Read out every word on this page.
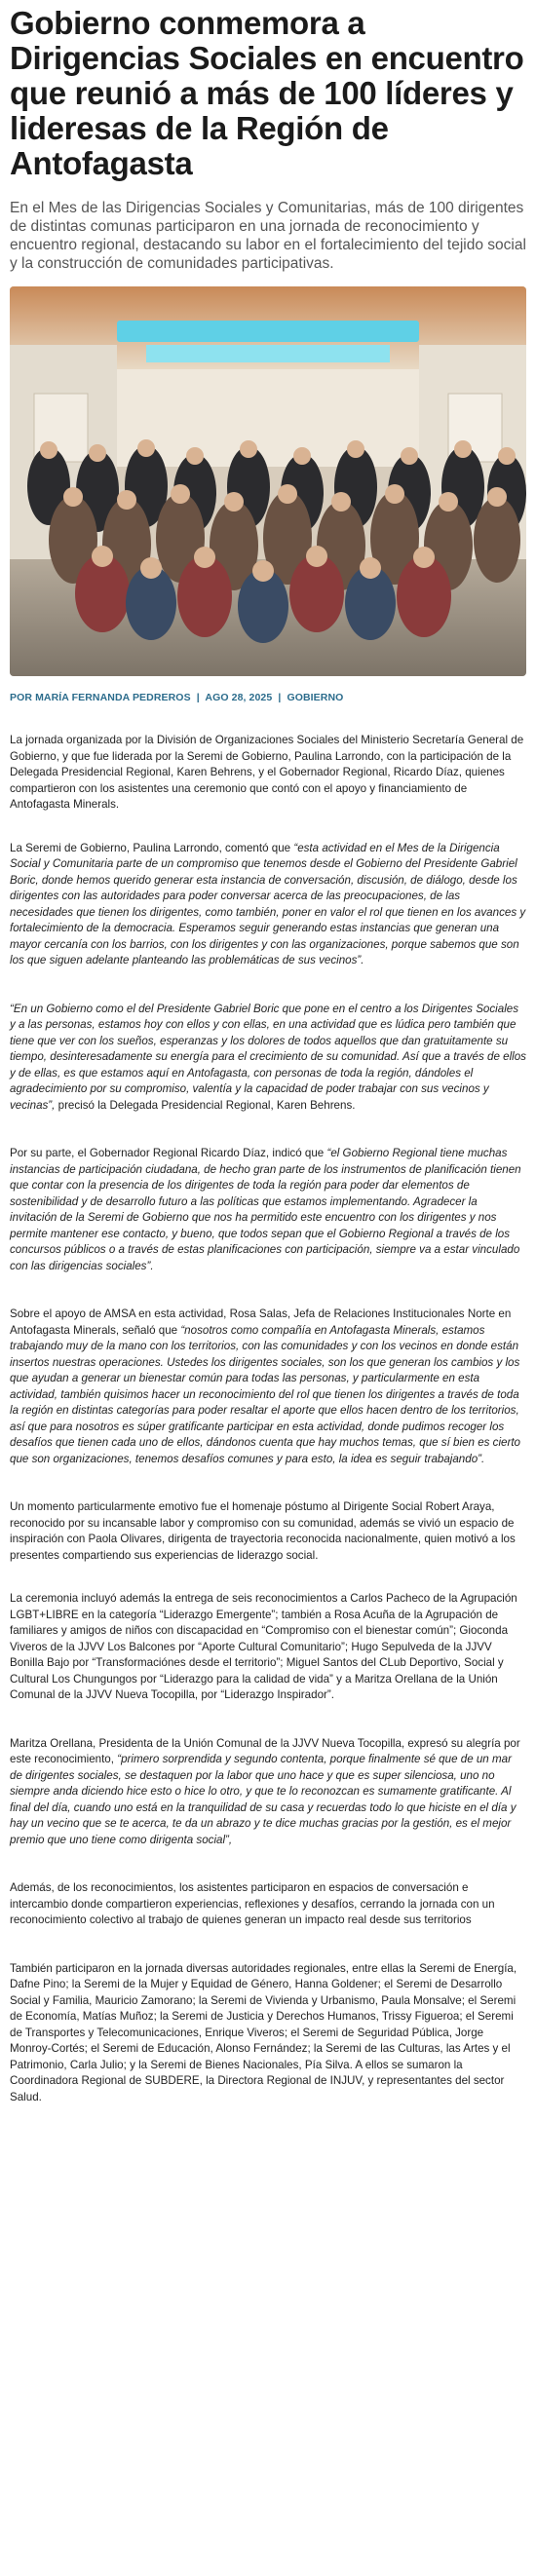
Gobierno conmemora a Dirigencias Sociales en encuentro que reunió a más de 100 líderes y lideresas de la Región de Antofagasta

En el Mes de las Dirigencias Sociales y Comunitarias, más de 100 dirigentes de distintas comunas participaron en una jornada de reconocimiento y encuentro regional, destacando su labor en el fortalecimiento del tejido social y la construcción de comunidades participativas.

POR MARÍA FERNANDA PEDREROS | AGO 28, 2025 | GOBIERNO

La jornada organizada por la División de Organizaciones Sociales del Ministerio Secretaría General de Gobierno, y que fue liderada por la Seremi de Gobierno, Paulina Larrondo, con la participación de la Delegada Presidencial Regional, Karen Behrens, y el Gobernador Regional, Ricardo Díaz, quienes compartieron con los asistentes una ceremonio que contó con el apoyo y financiamiento de Antofagasta Minerals.

La Seremi de Gobierno, Paulina Larrondo, comentó que “esta actividad en el Mes de la Dirigencia Social y Comunitaria parte de un compromiso que tenemos desde el Gobierno del Presidente Gabriel Boric, donde hemos querido generar esta instancia de conversación, discusión, de diálogo, desde los dirigentes con las autoridades para poder conversar acerca de las preocupaciones, de las necesidades que tienen los dirigentes, como también, poner en valor el rol que tienen en los avances y fortalecimiento de la democracia. Esperamos seguir generando estas instancias que generan una mayor cercanía con los barrios, con los dirigentes y con las organizaciones, porque sabemos que son los que siguen adelante planteando las problemáticas de sus vecinos”.

“En un Gobierno como el del Presidente Gabriel Boric que pone en el centro a los Dirigentes Sociales y a las personas, estamos hoy con ellos y con ellas, en una actividad que es lúdica pero también que tiene que ver con los sueños, esperanzas y los dolores de todos aquellos que dan gratuitamente su tiempo, desinteresadamente su energía para el crecimiento de su comunidad. Así que a través de ellos y de ellas, es que estamos aquí en Antofagasta, con personas de toda la región, dándoles el agradecimiento por su compromiso, valentía y la capacidad de poder trabajar con sus vecinos y vecinas”, precisó la Delegada Presidencial Regional, Karen Behrens.

Por su parte, el Gobernador Regional Ricardo Díaz, indicó que “el Gobierno Regional tiene muchas instancias de participación ciudadana, de hecho gran parte de los instrumentos de planificación tienen que contar con la presencia de los dirigentes de toda la región para poder dar elementos de sostenibilidad y de desarrollo futuro a las políticas que estamos implementando. Agradecer la invitación de la Seremi de Gobierno que nos ha permitido este encuentro con los dirigentes y nos permite mantener ese contacto, y bueno, que todos sepan que el Gobierno Regional a través de los concursos públicos o a través de estas planificaciones con participación, siempre va a estar vinculado con las dirigencias sociales”.

Sobre el apoyo de AMSA en esta actividad, Rosa Salas, Jefa de Relaciones Institucionales Norte en Antofagasta Minerals, señaló que “nosotros como compañía en Antofagasta Minerals, estamos trabajando muy de la mano con los territorios, con las comunidades y con los vecinos en donde están insertos nuestras operaciones. Ustedes los dirigentes sociales, son los que generan los cambios y los que ayudan a generar un bienestar común para todas las personas, y particularmente en esta actividad, también quisimos hacer un reconocimiento del rol que tienen los dirigentes a través de toda la región en distintas categorías para poder resaltar el aporte que ellos hacen dentro de los territorios, así que para nosotros es súper gratificante participar en esta actividad, donde pudimos recoger los desafíos que tienen cada uno de ellos, dándonos cuenta que hay muchos temas, que sí bien es cierto que son organizaciones, tenemos desafíos comunes y para esto, la idea es seguir trabajando”.

Un momento particularmente emotivo fue el homenaje póstumo al Dirigente Social Robert Araya, reconocido por su incansable labor y compromiso con su comunidad, además se vivió un espacio de inspiración con Paola Olivares, dirigenta de trayectoria reconocida nacionalmente, quien motivó a los presentes compartiendo sus experiencias de liderazgo social.

La ceremonia incluyó además la entrega de seis reconocimientos a Carlos Pacheco de la Agrupación LGBT+LIBRE en la categoría “Liderazgo Emergente”; también a Rosa Acuña de la Agrupación de familiares y amigos de niños con discapacidad en “Compromiso con el bienestar común”; Gioconda Viveros de la JJVV Los Balcones por “Aporte Cultural Comunitario”; Hugo Sepulveda de la JJVV Bonilla Bajo por “Transformaciónes desde el territorio”; Miguel Santos del CLub Deportivo, Social y Cultural Los Chungungos por “Liderazgo para la calidad de vida” y a Maritza Orellana de la Unión Comunal de la JJVV Nueva Tocopilla, por “Liderazgo Inspirador”.

Maritza Orellana, Presidenta de la Unión Comunal de la JJVV Nueva Tocopilla, expresó su alegría por este reconocimiento, “primero sorprendida y segundo contenta, porque finalmente sé que de un mar de dirigentes sociales, se destaquen por la labor que uno hace y que es super silenciosa, uno no siempre anda diciendo hice esto o hice lo otro, y que te lo reconozcan es sumamente gratificante. Al final del día, cuando uno está en la tranquilidad de su casa y recuerdas todo lo que hiciste en el día y hay un vecino que se te acerca, te da un abrazo y te dice muchas gracias por la gestión, es el mejor premio que uno tiene como dirigenta social”,

Además, de los reconocimientos, los asistentes participaron en espacios de conversación e intercambio donde compartieron experiencias, reflexiones y desafíos, cerrando la jornada con un reconocimiento colectivo al trabajo de quienes generan un impacto real desde sus territorios

También participaron en la jornada diversas autoridades regionales, entre ellas la Seremi de Energía, Dafne Pino; la Seremi de la Mujer y Equidad de Género, Hanna Goldener; el Seremi de Desarrollo Social y Familia, Mauricio Zamorano; la Seremi de Vivienda y Urbanismo, Paula Monsalve; el Seremi de Economía, Matías Muñoz; la Seremi de Justicia y Derechos Humanos, Trissy Figueroa; el Seremi de Transportes y Telecomunicaciones, Enrique Viveros; el Seremi de Seguridad Pública, Jorge Monroy-Cortés; el Seremi de Educación, Alonso Fernández; la Seremi de las Culturas, las Artes y el Patrimonio, Carla Julio; y la Seremi de Bienes Nacionales, Pía Silva. A ellos se sumaron la Coordinadora Regional de SUBDERE, la Directora Regional de INJUV, y representantes del sector Salud.
